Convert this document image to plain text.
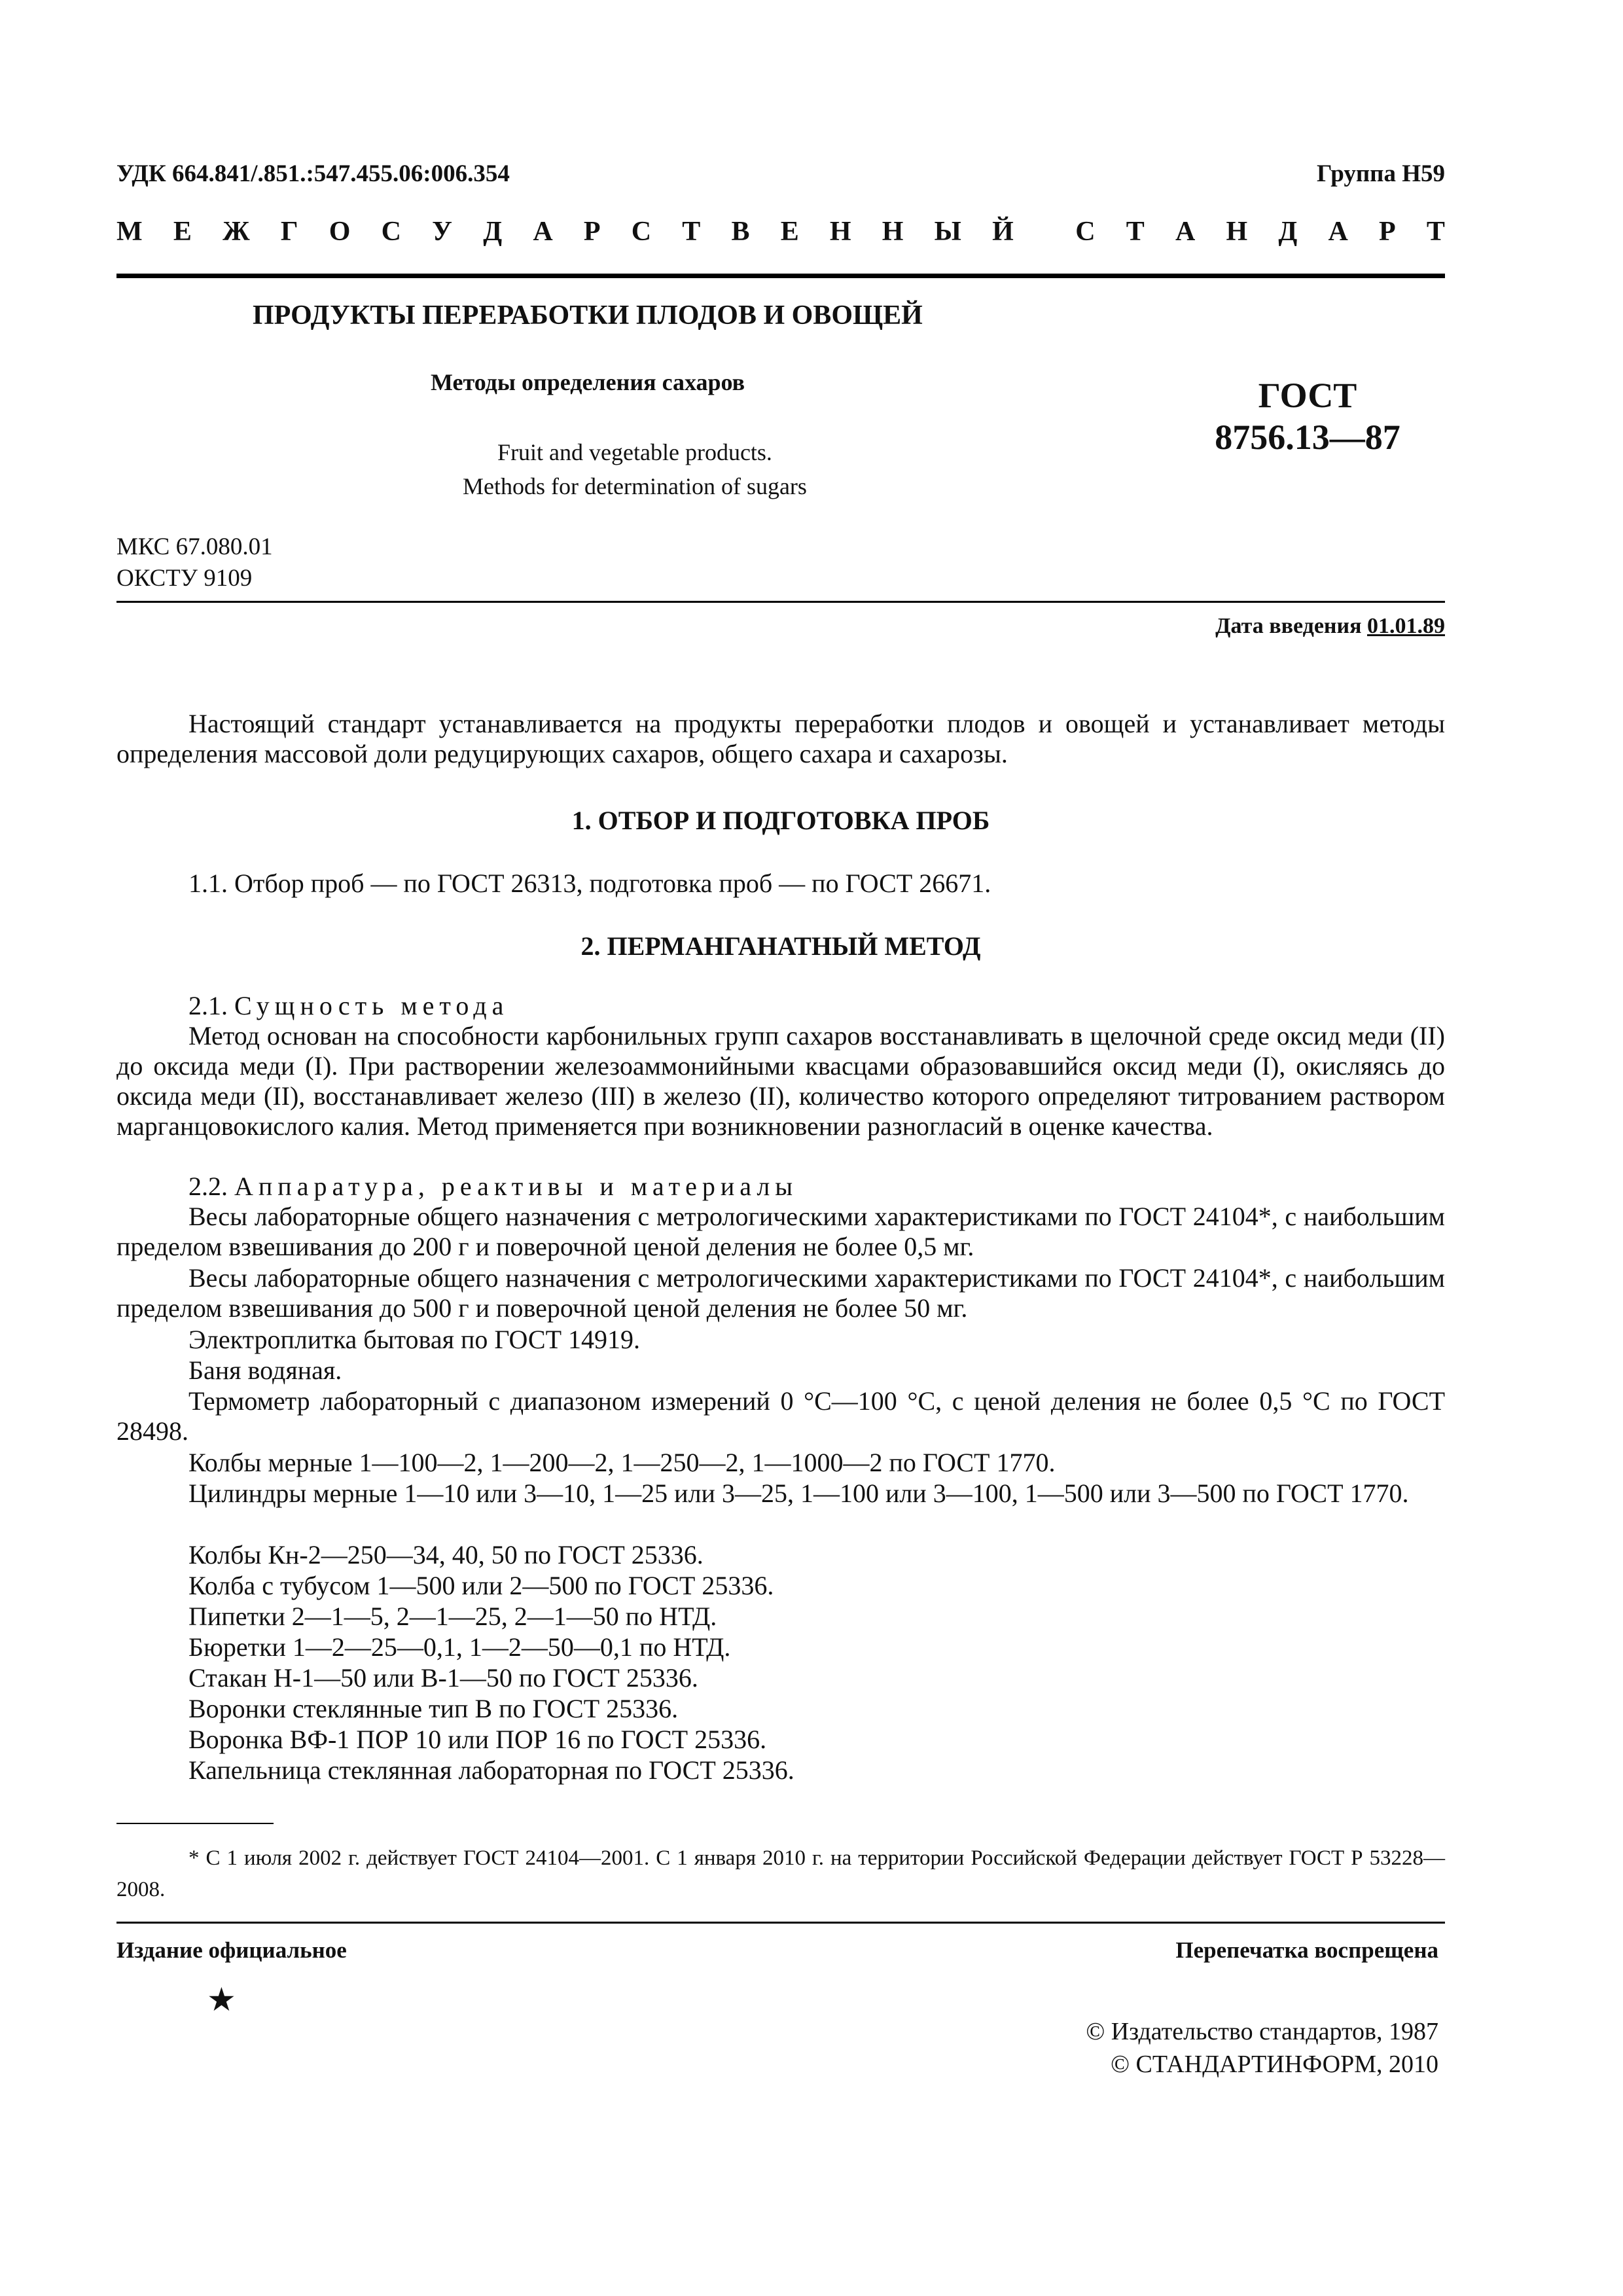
УДК 664.841/.851.:547.455.06:006.354	Группа Н59
М Е Ж Г О С У Д А Р С Т В Е Н Н Ы Й С Т А Н Д А Р Т
ПРОДУКТЫ ПЕРЕРАБОТКИ ПЛОДОВ И ОВОЩЕЙ
Методы определения сахаров
Fruit and vegetable products.
Methods for determination of sugars
ГОСТ
8756.13—87
МКС 67.080.01
ОКСТУ 9109
Дата введения 01.01.89
Настоящий стандарт устанавливается на продукты переработки плодов и овощей и устанавливает методы определения массовой доли редуцирующих сахаров, общего сахара и сахарозы.
1. ОТБОР И ПОДГОТОВКА ПРОБ
1.1. Отбор проб — по ГОСТ 26313, подготовка проб — по ГОСТ 26671.
2. ПЕРМАНГАНАТНЫЙ МЕТОД
2.1. Сущность метода
Метод основан на способности карбонильных групп сахаров восстанавливать в щелочной среде оксид меди (II) до оксида меди (I). При растворении железоаммонийными квасцами образовавшийся оксид меди (I), окисляясь до оксида меди (II), восстанавливает железо (III) в железо (II), количество которого определяют титрованием раствором марганцовокислого калия. Метод применяется при возникновении разногласий в оценке качества.
2.2. Аппаратура, реактивы и материалы
Весы лабораторные общего назначения с метрологическими характеристиками по ГОСТ 24104*, с наибольшим пределом взвешивания до 200 г и поверочной ценой деления не более 0,5 мг.
Весы лабораторные общего назначения с метрологическими характеристиками по ГОСТ 24104*, с наибольшим пределом взвешивания до 500 г и поверочной ценой деления не более 50 мг.
Электроплитка бытовая по ГОСТ 14919.
Баня водяная.
Термометр лабораторный с диапазоном измерений 0 °С—100 °С, с ценой деления не более 0,5 °С по ГОСТ 28498.
Колбы мерные 1—100—2, 1—200—2, 1—250—2, 1—1000—2 по ГОСТ 1770.
Цилиндры мерные 1—10 или 3—10, 1—25 или 3—25, 1—100 или 3—100, 1—500 или 3—500 по ГОСТ 1770.
Колбы Кн-2—250—34, 40, 50 по ГОСТ 25336.
Колба с тубусом 1—500 или 2—500 по ГОСТ 25336.
Пипетки 2—1—5, 2—1—25, 2—1—50 по НТД.
Бюретки 1—2—25—0,1, 1—2—50—0,1 по НТД.
Стакан Н-1—50 или В-1—50 по ГОСТ 25336.
Воронки стеклянные тип В по ГОСТ 25336.
Воронка ВФ-1 ПОР 10 или ПОР 16 по ГОСТ 25336.
Капельница стеклянная лабораторная по ГОСТ 25336.
* С 1 июля 2002 г. действует ГОСТ 24104—2001. С 1 января 2010 г. на территории Российской Федерации действует ГОСТ Р 53228—2008.
Издание официальное	Перепечатка воспрещена
★
© Издательство стандартов, 1987
© СТАНДАРТИНФОРМ, 2010
